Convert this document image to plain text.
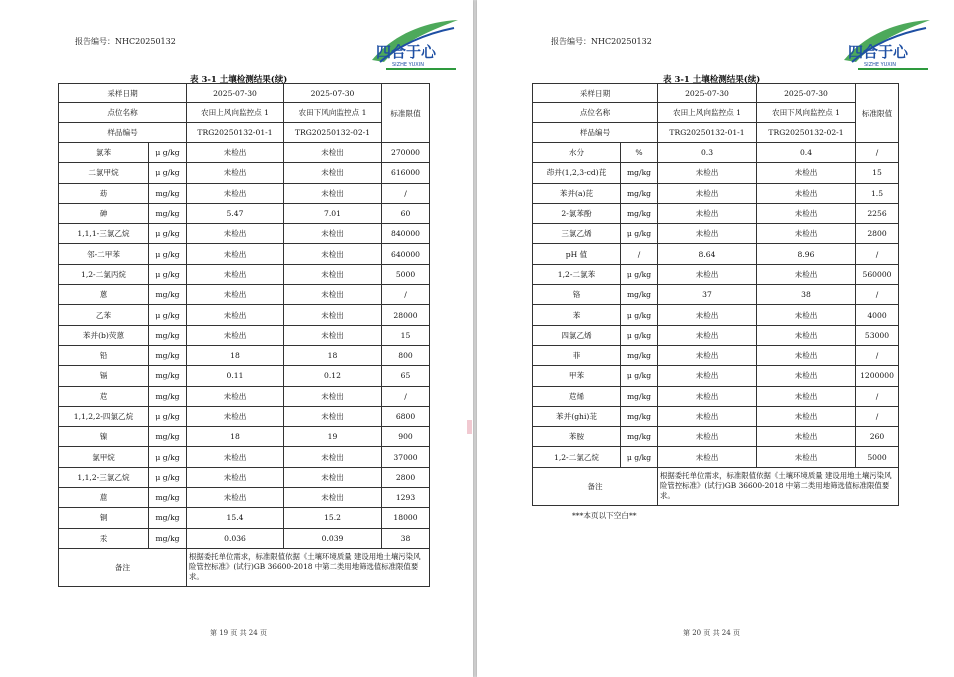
报告编号：NHC20250132
四合于心
SIZHE YUXIN
表 3-1 土壤检测结果(续)
采样日期		2025-07-30	2025-07-30	标准限值
点位名称		农田上风向监控点 1	农田下风向监控点 1	
样品编号		TRG20250132-01-1	TRG20250132-02-1	
氯苯	μ g/kg	未检出	未检出	270000
二氯甲烷	μ g/kg	未检出	未检出	616000
苭	mg/kg	未检出	未检出	/
砷	mg/kg	5.47	7.01	60
1,1,1-三氯乙烷	μ g/kg	未检出	未检出	840000
邻-二甲苯	μ g/kg	未检出	未检出	640000
1,2-二氯丙烷	μ g/kg	未检出	未检出	5000
蒽	mg/kg	未检出	未检出	/
乙苯	μ g/kg	未检出	未检出	28000
苯并(b)荧蒽	mg/kg	未检出	未检出	15
铅	mg/kg	18	18	800
镉	mg/kg	0.11	0.12	65
苊	mg/kg	未检出	未检出	/
1,1,2,2-四氯乙烷	μ g/kg	未检出	未检出	6800
镍	mg/kg	18	19	900
氯甲烷	μ g/kg	未检出	未检出	37000
1,1,2-三氯乙烷	μ g/kg	未检出	未检出	2800
䓛	mg/kg	未检出	未检出	1293
铜	mg/kg	15.4	15.2	18000
汞	mg/kg	0.036	0.039	38
备注		根据委托单位需求，标准限值依据《土壤环境质量 建设用地土壤污染风险管控标准》(试行)GB 36600-2018 中第二类用地筛选值标准限值要求。		
第 19 页 共 24 页
报告编号：NHC20250132
四合于心
SIZHE YUXIN
表 3-1 土壤检测结果(续)
采样日期		2025-07-30	2025-07-30	标准限值
点位名称		农田上风向监控点 1	农田下风向监控点 1	
样品编号		TRG20250132-01-1	TRG20250132-02-1	
水分	%	0.3	0.4	/
茚并(1,2,3-cd)芘	mg/kg	未检出	未检出	15
苯并(a)芘	mg/kg	未检出	未检出	1.5
2-氯苯酚	mg/kg	未检出	未检出	2256
三氯乙烯	μ g/kg	未检出	未检出	2800
pH 值	/	8.64	8.96	/
1,2-二氯苯	μ g/kg	未检出	未检出	560000
铬	mg/kg	37	38	/
苯	μ g/kg	未检出	未检出	4000
四氯乙烯	μ g/kg	未检出	未检出	53000
菲	mg/kg	未检出	未检出	/
甲苯	μ g/kg	未检出	未检出	1200000
苊烯	mg/kg	未检出	未检出	/
苯并(ghi)苝	mg/kg	未检出	未检出	/
苯胺	mg/kg	未检出	未检出	260
1,2-二氯乙烷	μ g/kg	未检出	未检出	5000
备注		根据委托单位需求，标准限值依据《土壤环境质量 建设用地土壤污染风险管控标准》(试行)GB 36600-2018 中第二类用地筛选值标准限值要求。		
***本页以下空白**
第 20 页 共 24 页
